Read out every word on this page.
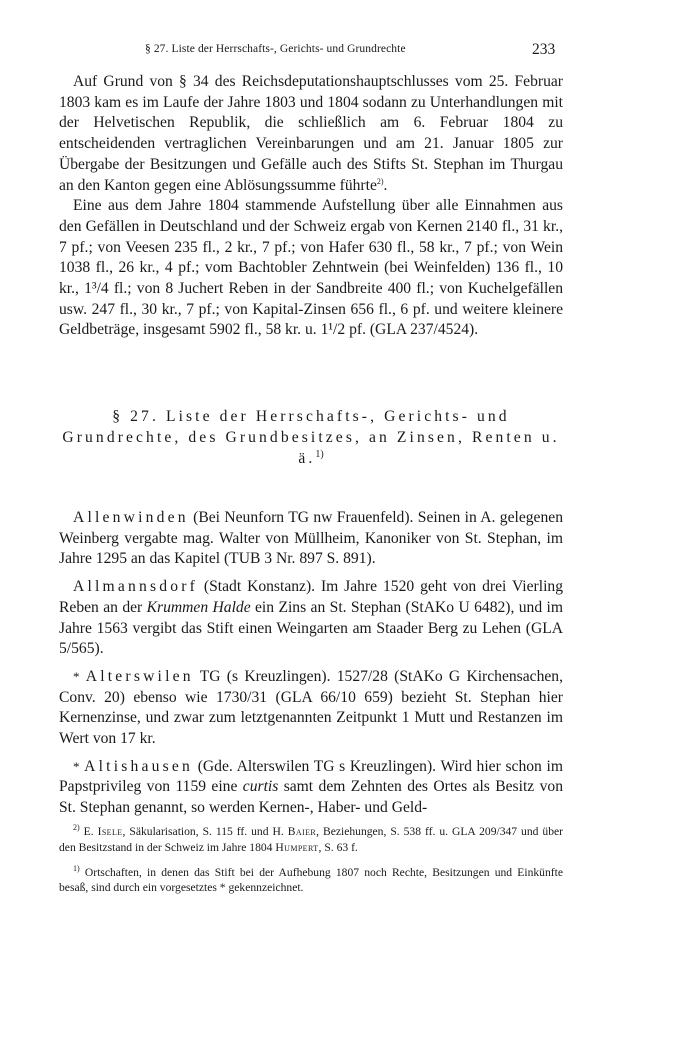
§ 27. Liste der Herrschafts-, Gerichts- und Grundrechte	233

Auf Grund von § 34 des Reichsdeputationshauptschlusses vom 25. Februar 1803 kam es im Laufe der Jahre 1803 und 1804 sodann zu Unterhandlungen mit der Helvetischen Republik, die schließlich am 6. Februar 1804 zu entscheidenden vertraglichen Vereinbarungen und am 21. Januar 1805 zur Übergabe der Besitzungen und Gefälle auch des Stifts St. Stephan im Thurgau an den Kanton gegen eine Ablösungssumme führte$^{2)}$.

Eine aus dem Jahre 1804 stammende Aufstellung über alle Einnahmen aus den Gefällen in Deutschland und der Schweiz ergab von Kernen 2140 fl., 31 kr., 7 pf.; von Veesen 235 fl., 2 kr., 7 pf.; von Hafer 630 fl., 58 kr., 7 pf.; von Wein 1038 fl., 26 kr., 4 pf.; vom Bachtobler Zehntwein (bei Weinfelden) 136 fl., 10 kr., 1³/4 fl.; von 8 Juchert Reben in der Sandbreite 400 fl.; von Kuchelgefällen usw. 247 fl., 30 kr., 7 pf.; von Kapital-Zinsen 656 fl., 6 pf. und weitere kleinere Geldbeträge, insgesamt 5902 fl., 58 kr. u. 1¹/2 pf. (GLA 237/4524).

§ 27. Liste der Herrschafts-, Gerichts- und Grundrechte, des Grundbesitzes, an Zinsen, Renten u. ä.$^{1)}$

Allenwinden (Bei Neunforn TG nw Frauenfeld). Seinen in A. gelegenen Weinberg vergabte mag. Walter von Müllheim, Kanoniker von St. Stephan, im Jahre 1295 an das Kapitel (TUB 3 Nr. 897 S. 891).

Allmannsdorf (Stadt Konstanz). Im Jahre 1520 geht von drei Vierling Reben an der Krummen Halde ein Zins an St. Stephan (StAKo U 6482), und im Jahre 1563 vergibt das Stift einen Weingarten am Staader Berg zu Lehen (GLA 5/565).

* Alterswilen TG (s Kreuzlingen). 1527/28 (StAKo G Kirchensachen, Conv. 20) ebenso wie 1730/31 (GLA 66/10 659) bezieht St. Stephan hier Kernenzinse, und zwar zum letztgenannten Zeitpunkt 1 Mutt und Restanzen im Wert von 17 kr.

* Altishausen (Gde. Alterswilen TG s Kreuzlingen). Wird hier schon im Papstprivileg von 1159 eine curtis samt dem Zehnten des Ortes als Besitz von St. Stephan genannt, so werden Kernen-, Haber- und Geld-

$^{2)}$ E. Isele, Säkularisation, S. 115 ff. und H. Baier, Beziehungen, S. 538 ff. u. GLA 209/347 und über den Besitzstand in der Schweiz im Jahre 1804 Humpert, S. 63 f.

$^{1)}$ Ortschaften, in denen das Stift bei der Aufhebung 1807 noch Rechte, Besitzungen und Einkünfte besaß, sind durch ein vorgesetztes * gekennzeichnet.
